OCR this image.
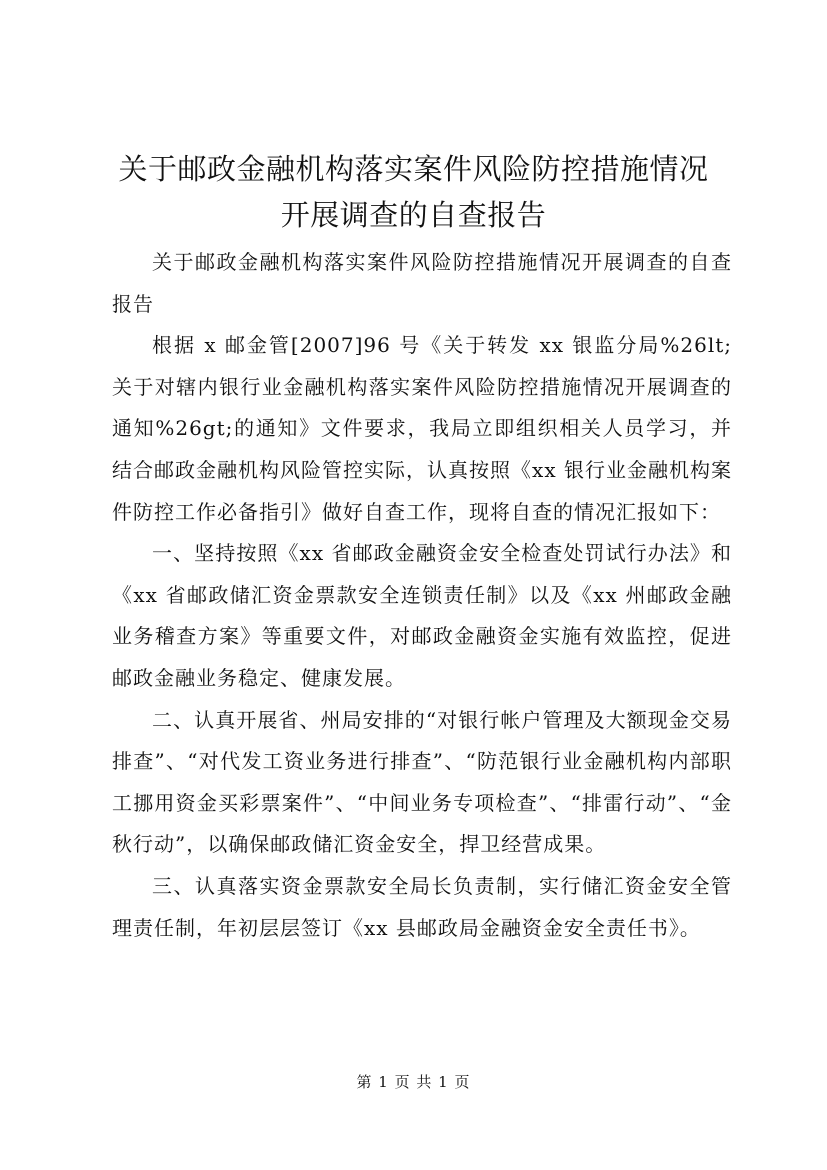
关于邮政金融机构落实案件风险防控措施情况
开展调查的自查报告

关于邮政金融机构落实案件风险防控措施情况开展调查的自查报告

根据 x 邮金管[2007]96 号《关于转发 xx 银监分局%26lt;关于对辖内银行业金融机构落实案件风险防控措施情况开展调查的通知%26gt;的通知》文件要求，我局立即组织相关人员学习，并结合邮政金融机构风险管控实际，认真按照《xx 银行业金融机构案件防控工作必备指引》做好自查工作，现将自查的情况汇报如下：

一、坚持按照《xx 省邮政金融资金安全检查处罚试行办法》和《xx 省邮政储汇资金票款安全连锁责任制》以及《xx 州邮政金融业务稽查方案》等重要文件，对邮政金融资金实施有效监控，促进邮政金融业务稳定、健康发展。

二、认真开展省、州局安排的“对银行帐户管理及大额现金交易排查”、“对代发工资业务进行排查”、“防范银行业金融机构内部职工挪用资金买彩票案件”、“中间业务专项检查”、“排雷行动”、“金秋行动”，以确保邮政储汇资金安全，捍卫经营成果。

三、认真落实资金票款安全局长负责制，实行储汇资金安全管理责任制，年初层层签订《xx 县邮政局金融资金安全责任书》。

第 1 页 共 1 页
